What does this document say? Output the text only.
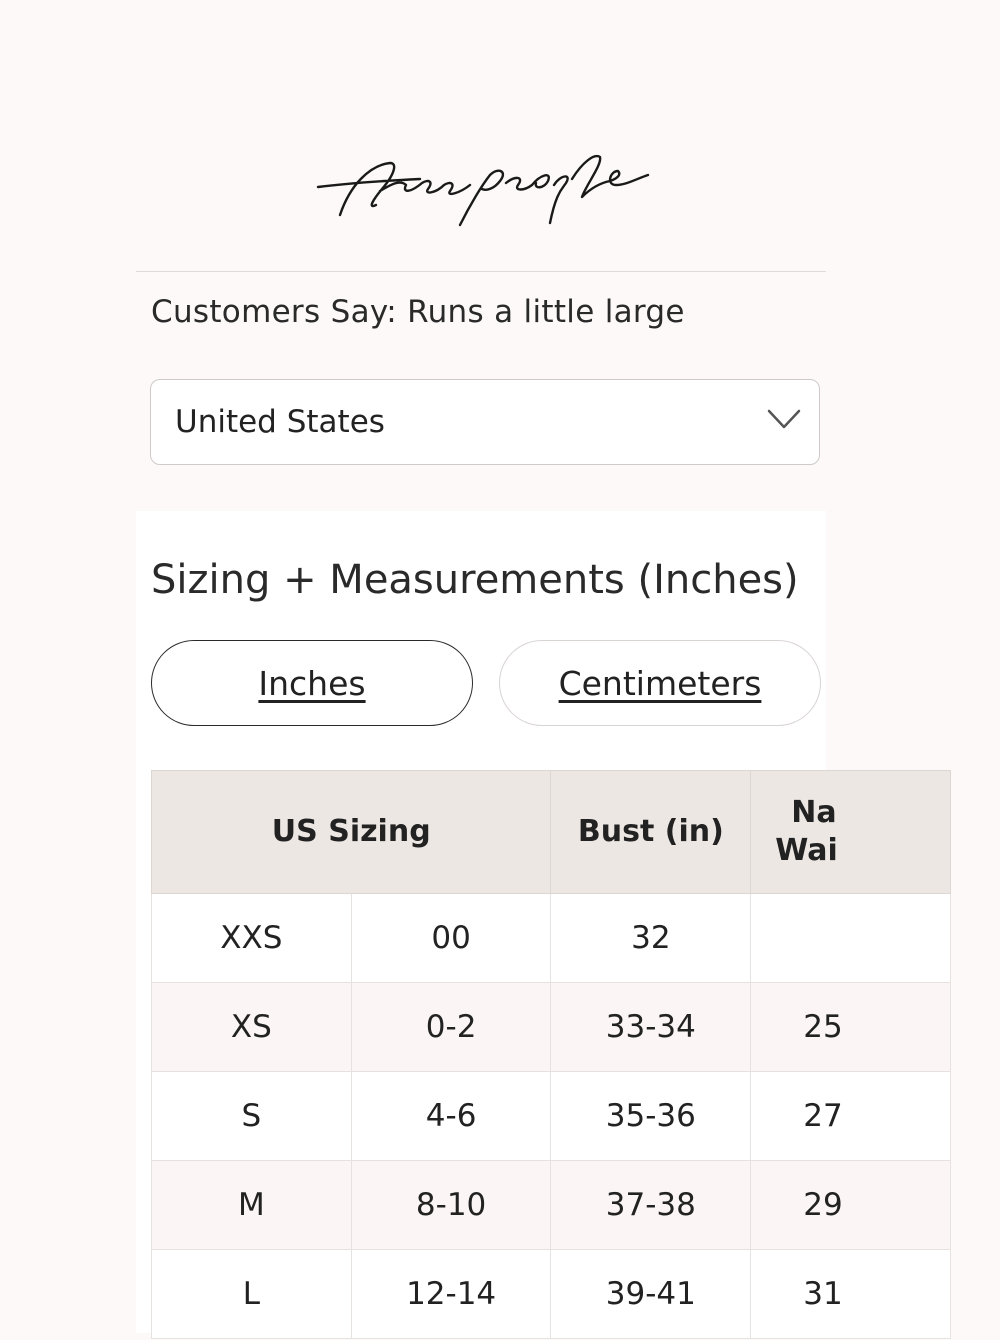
Customers Say: Runs a little large
United States
Sizing + Measurements (Inches)
Inches	Centimeters
US Sizing		Bust (in)	Na
Wai

XXS	00	32	
XS	0-2	33-34	25
S	4-6	35-36	27
M	8-10	37-38	29
L	12-14	39-41	31
